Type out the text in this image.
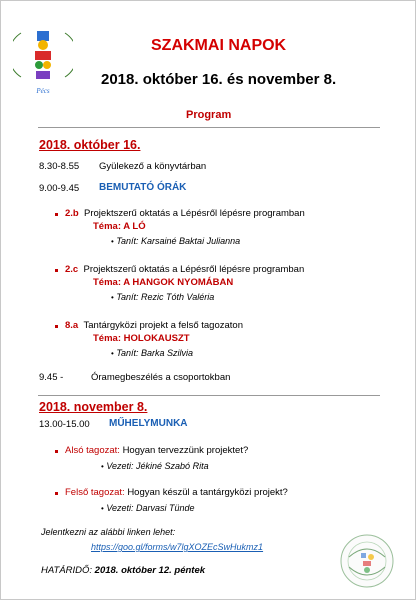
Pécs
SZAKMAI NAPOK
2018. október 16. és november 8.
Program
2018. október 16.
8.30-8.55 Gyülekező a könyvtárban
9.00-9.45 BEMUTATÓ ÓRÁK
2.b Projektszerű oktatás a Lépésről lépésre programban
Téma: A LÓ
• Tanít: Karsainé Baktai Julianna
2.c Projektszerű oktatás a Lépésről lépésre programban
Téma: A HANGOK NYOMÁBAN
• Tanít: Rezic Tóth Valéria
8.a Tantárgyközi projekt a felső tagozaton
Téma: HOLOKAUSZT
• Tanít: Barka Szilvia
9.45 -	Óramegbeszélés a csoportokban
2018. november 8.
13.00-15.00 MŰHELYMUNKA
Alsó tagozat: Hogyan tervezzünk projektet?
• Vezeti: Jékiné Szabó Rita
Felső tagozat: Hogyan készül a tantárgyközi projekt?
• Vezeti: Darvasi Tünde
Jelentkezni az alábbi linken lehet:
https://goo.gl/forms/w7lgXOZEcSwHukmz1
HATÁRIDŐ: 2018. október 12. péntek
